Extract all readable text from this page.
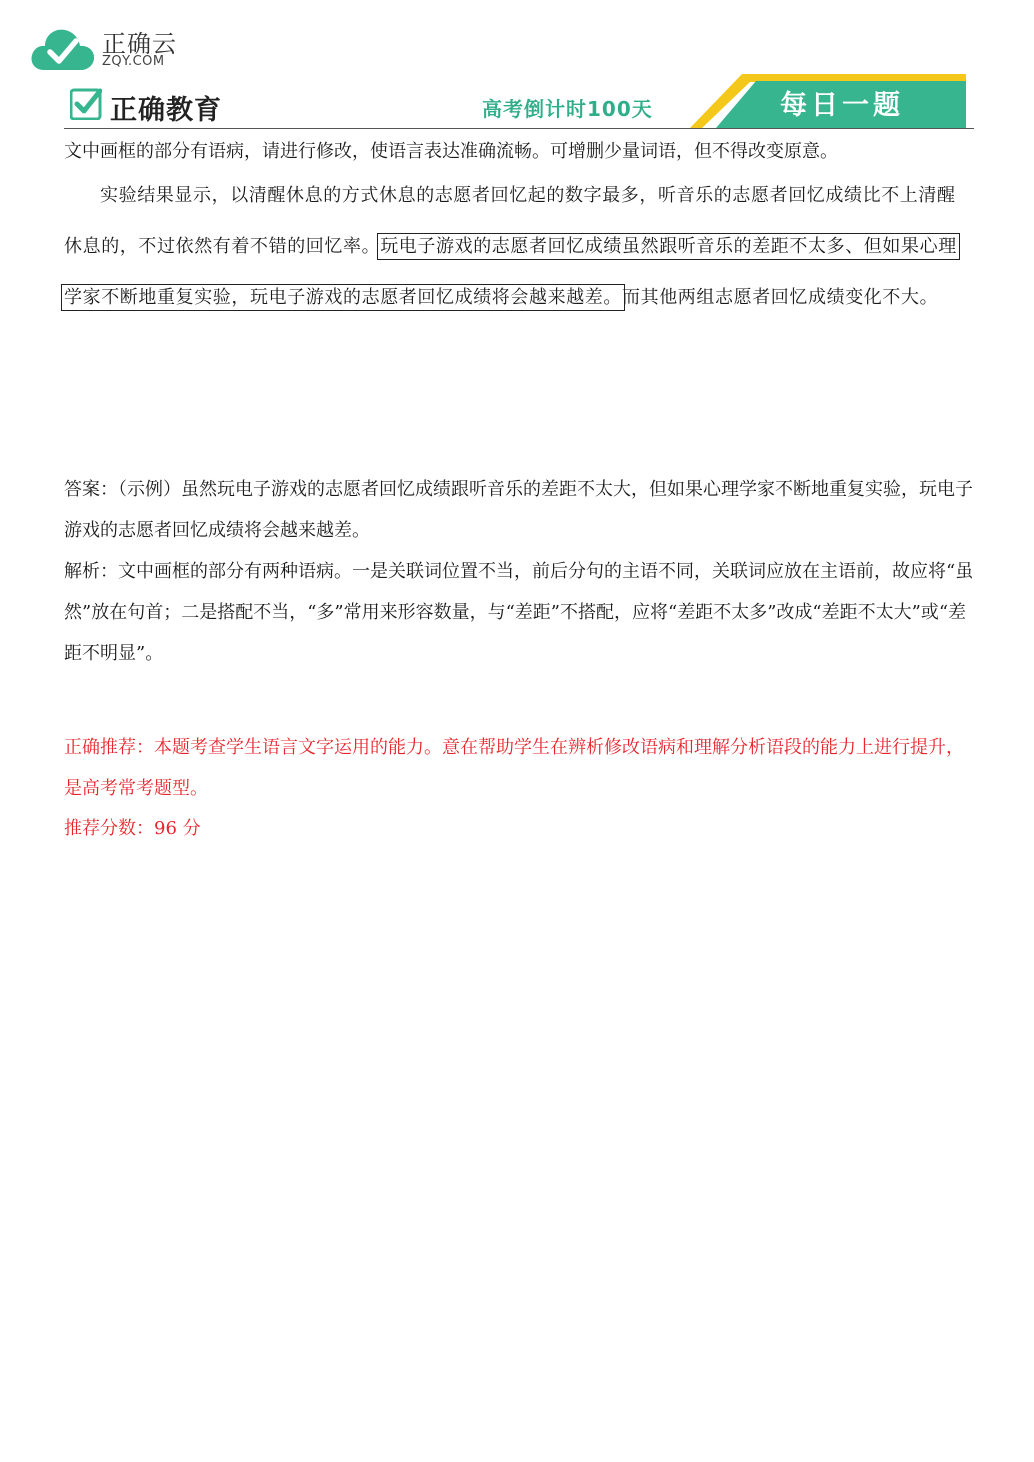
正确云
ZQY.COM
正确教育	高考倒计时100天	每日一题
文中画框的部分有语病，请进行修改，使语言表达准确流畅。可增删少量词语，但不得改变原意。
实验结果显示，以清醒休息的方式休息的志愿者回忆起的数字最多，听音乐的志愿者回忆成绩比不上清醒休息的，不过依然有着不错的回忆率。玩电子游戏的志愿者回忆成绩虽然跟听音乐的差距不太多、但如果心理学家不断地重复实验，玩电子游戏的志愿者回忆成绩将会越来越差。而其他两组志愿者回忆成绩变化不大。
答案：（示例）虽然玩电子游戏的志愿者回忆成绩跟听音乐的差距不太大，但如果心理学家不断地重复实验，玩电子游戏的志愿者回忆成绩将会越来越差。
解析：文中画框的部分有两种语病。一是关联词位置不当，前后分句的主语不同，关联词应放在主语前，故应将“虽然”放在句首；二是搭配不当，“多”常用来形容数量，与“差距”不搭配，应将“差距不太多”改成“差距不太大”或“差距不明显”。
正确推荐：本题考查学生语言文字运用的能力。意在帮助学生在辨析修改语病和理解分析语段的能力上进行提升，是高考常考题型。
推荐分数：96 分
